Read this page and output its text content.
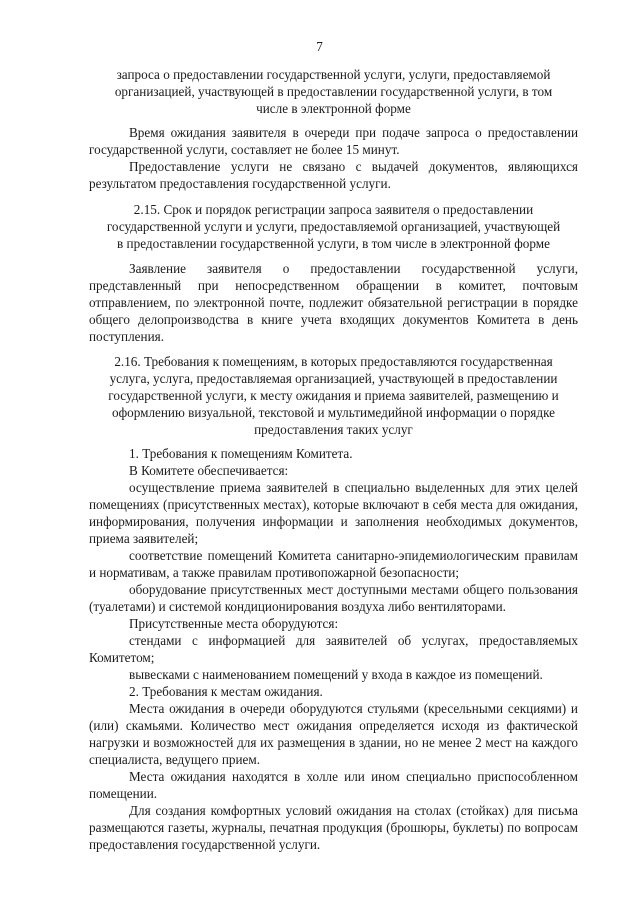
7

запроса о предоставлении государственной услуги, услуги, предоставляемой

организацией, участвующей в предоставлении государственной услуги, в том

числе в электронной форме

Время ожидания заявителя в очереди при подаче запроса о предоставлении государственной услуги, составляет не более 15 минут.

Предоставление услуги не связано с выдачей документов, являющихся результатом предоставления государственной услуги.

2.15. Срок и порядок регистрации запроса заявителя о предоставлении

государственной услуги и услуги, предоставляемой организацией, участвующей

в предоставлении государственной услуги, в том числе в электронной форме

Заявление заявителя о предоставлении государственной услуги, представленный при непосредственном обращении в комитет, почтовым отправлением, по электронной почте, подлежит обязательной регистрации в порядке общего делопроизводства в книге учета входящих документов Комитета в день поступления.

2.16. Требования к помещениям, в которых предоставляются государственная

услуга, услуга, предоставляемая организацией, участвующей в предоставлении

государственной услуги, к месту ожидания и приема заявителей, размещению и

оформлению визуальной, текстовой и мультимедийной информации о порядке

предоставления таких услуг

1. Требования к помещениям Комитета.

В Комитете обеспечивается:

осуществление приема заявителей в специально выделенных для этих целей помещениях (присутственных местах), которые включают в себя места для ожидания, информирования, получения информации и заполнения необходимых документов, приема заявителей;

соответствие помещений Комитета санитарно-эпидемиологическим правилам и нормативам, а также правилам противопожарной безопасности;

оборудование присутственных мест доступными местами общего пользования (туалетами) и системой кондиционирования воздуха либо вентиляторами.

Присутственные места оборудуются:

стендами с информацией для заявителей об услугах, предоставляемых Комитетом;

вывесками с наименованием помещений у входа в каждое из помещений.

2. Требования к местам ожидания.

Места ожидания в очереди оборудуются стульями (кресельными секциями) и (или) скамьями. Количество мест ожидания определяется исходя из фактической нагрузки и возможностей для их размещения в здании, но не менее 2 мест на каждого специалиста, ведущего прием.

Места ожидания находятся в холле или ином специально приспособленном помещении.

Для создания комфортных условий ожидания на столах (стойках) для письма размещаются газеты, журналы, печатная продукция (брошюры, буклеты) по вопросам предоставления государственной услуги.
